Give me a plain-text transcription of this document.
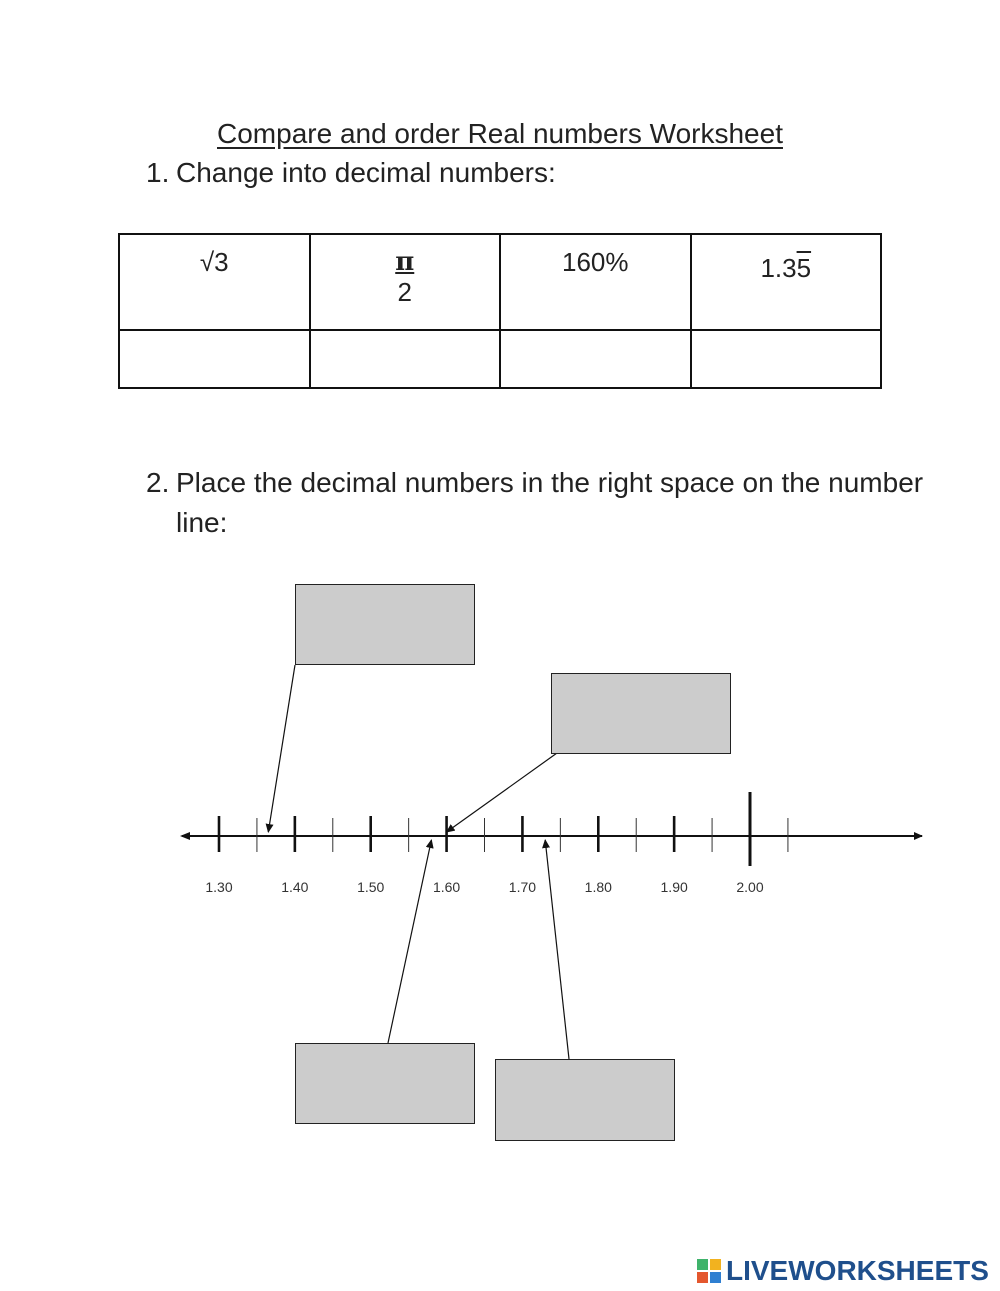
Compare and order Real numbers Worksheet
1. Change into decimal numbers:
√3	$\frac{\pi}{2}$	160%	1.35

2. Place the decimal numbers in the right space on the number line:
1.30	1.40	1.50	1.60	1.70	1.80	1.90	2.00
LIVEWORKSHEETS
